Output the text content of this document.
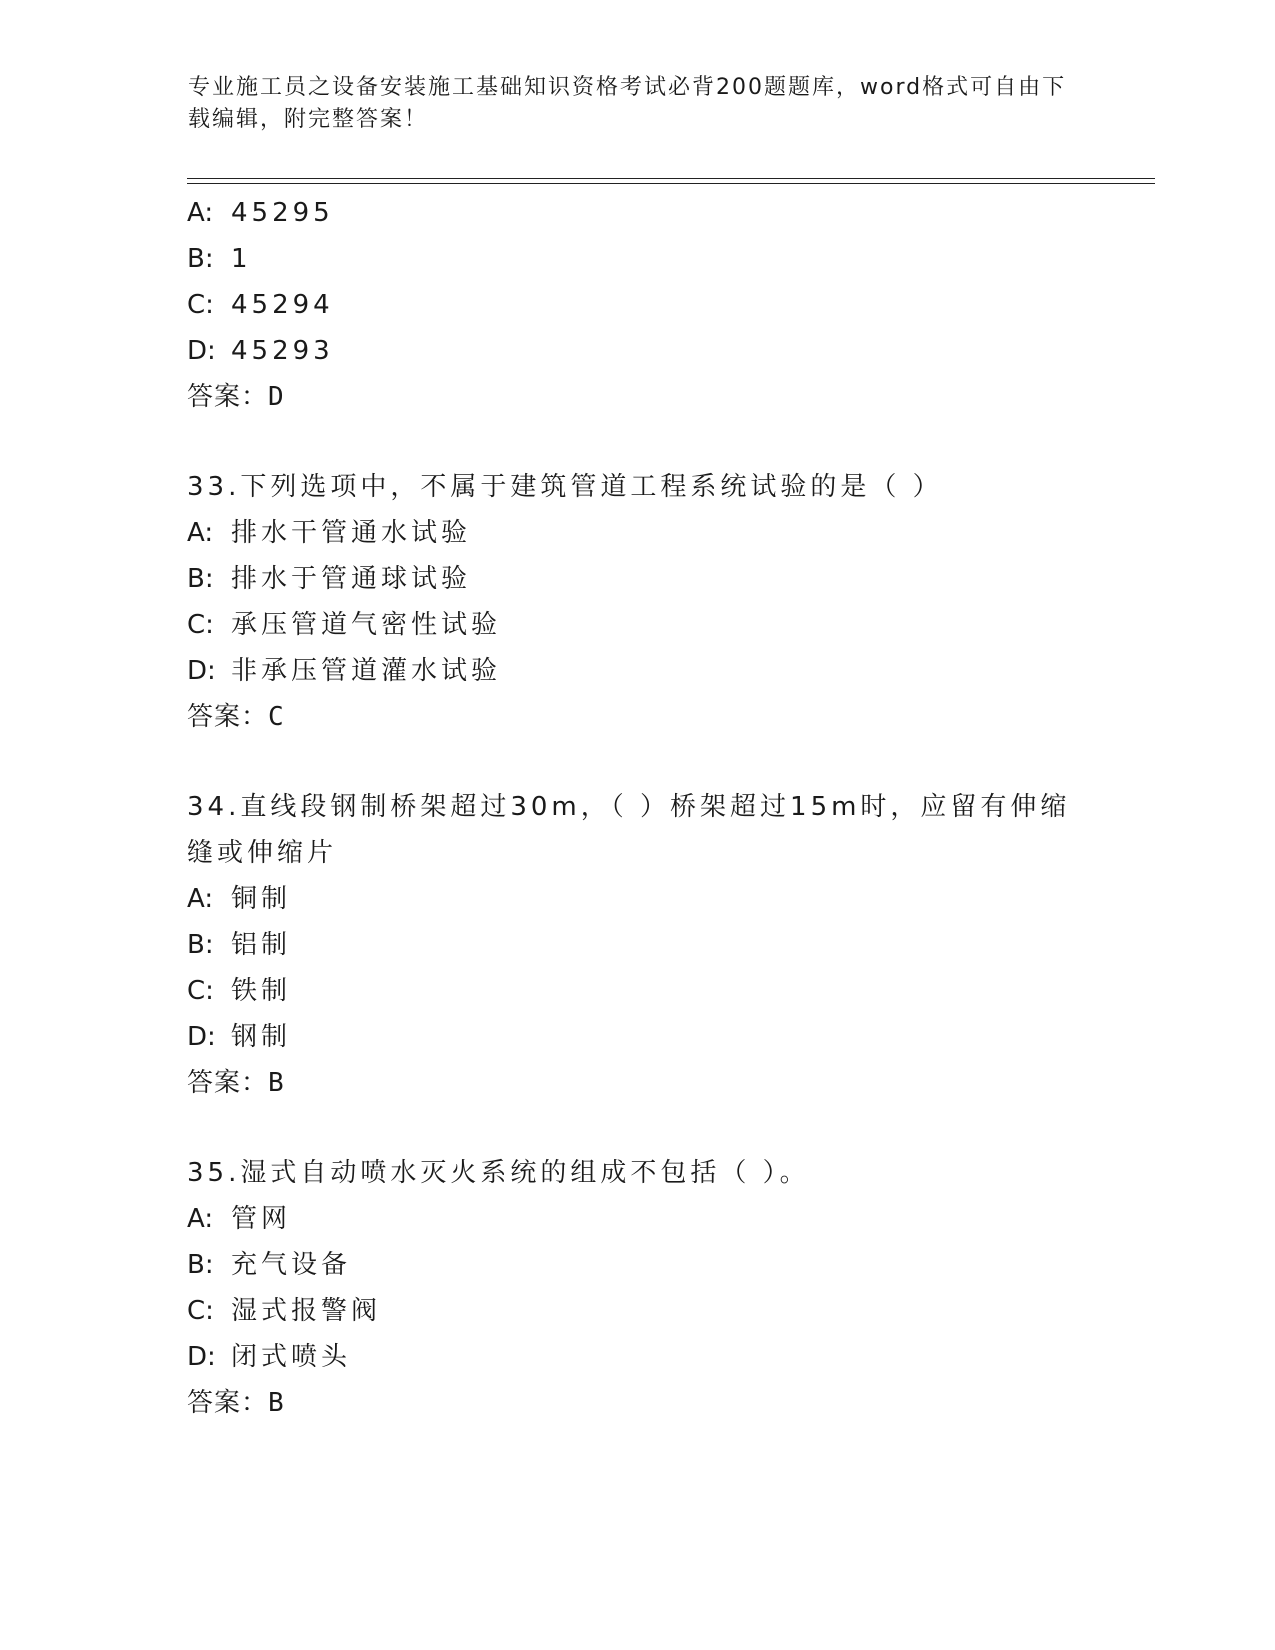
专业施工员之设备安装施工基础知识资格考试必背200题题库，word格式可自由下载编辑，附完整答案！

A: 45295

B: 1

C: 45294

D: 45293

答案：D

33.下列选项中，不属于建筑管道工程系统试验的是（ ）

A: 排水干管通水试验

B: 排水于管通球试验

C: 承压管道气密性试验

D: 非承压管道灌水试验

答案：C

34.直线段钢制桥架超过30m，（ ）桥架超过15m时，应留有伸缩缝或伸缩片

A: 铜制

B: 铝制

C: 铁制

D: 钢制

答案：B

35.湿式自动喷水灭火系统的组成不包括（ ）。

A: 管网

B: 充气设备

C: 湿式报警阀

D: 闭式喷头

答案：B
